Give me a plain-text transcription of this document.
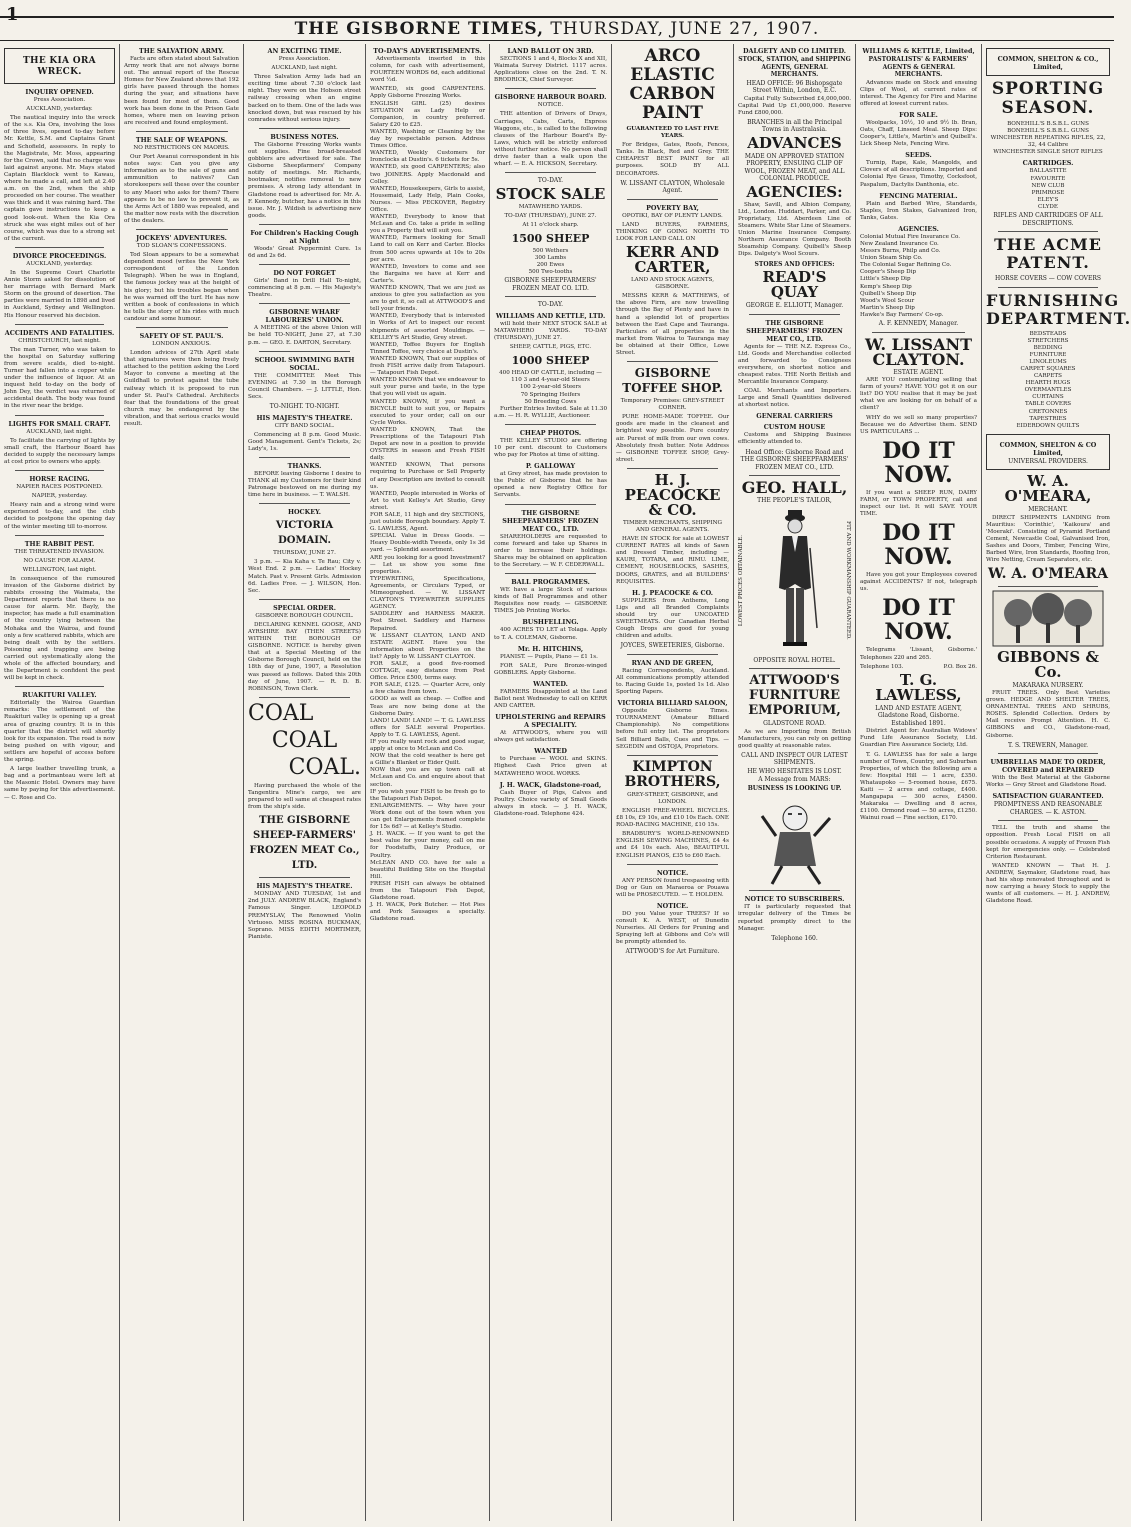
1
THE GISBORNE TIMES, THURSDAY, JUNE 27, 1907.
THE KIA ORA WRECK.
INQUIRY OPENED.
Press Association.
AUCKLAND, yesterday.

The nautical inquiry into the wreck of the s.s. Kia Ora, involving the loss of three lives, opened to-day before Mr. Kettle, S.M. and Captains Grant and Schofield, assessors. In reply to the Magistrate, Mr. Moss, appearing for the Crown, said that no charge was laid against anyone. Mr. Mays stated Captain Blacklock went to Kawau, where he made a call, and left at 2.40 a.m. on the 2nd, when the ship proceeded on her course. The weather was thick and it was raining hard. The captain gave instructions to keep a good look-out. When the Kia Ora struck she was eight miles out of her course, which was due to a strong set of the current.

DIVORCE PROCEEDINGS.
AUCKLAND, yesterday.

In the Supreme Court Charlotte Annie Storm asked for dissolution of her marriage with Bernard Mark Storm on the ground of desertion. The parties were married in 1898 and lived in Auckland, Sydney and Wellington. His Honour reserved his decision.

ACCIDENTS AND FATALITIES.
CHRISTCHURCH, last night.

The man Turner, who was taken to the hospital on Saturday suffering from severe scalds, died to-night. Turner had fallen into a copper while under the influence of liquor. At an inquest held to-day on the body of John Dey, the verdict was returned of accidental death. The body was found in the river near the bridge.

LIGHTS FOR SMALL CRAFT.
AUCKLAND, last night.

To facilitate the carrying of lights by small craft, the Harbour Board has decided to supply the necessary lamps at cost price to owners who apply.

HORSE RACING.
NAPIER RACES POSTPONED.
NAPIER, yesterday.

Heavy rain and a strong wind were experienced to-day, and the club decided to postpone the opening day of the winter meeting till to-morrow.

THE RABBIT PEST.
THE THREATENED INVASION.
NO CAUSE FOR ALARM.
WELLINGTON, last night.

In consequence of the rumoured invasion of the Gisborne district by rabbits crossing the Waimata, the Department reports that there is no cause for alarm. Mr. Bayly, the inspector, has made a full examination of the country lying between the Mohaka and the Wairoa, and found only a few scattered rabbits, which are being dealt with by the settlers. Poisoning and trapping are being carried out systematically along the whole of the affected boundary, and the Department is confident the pest will be kept in check.

RUAKITURI VALLEY.

Editorially the Wairoa Guardian remarks: The settlement of the Ruakituri valley is opening up a great area of grazing country. It is in this quarter that the district will shortly look for its expansion. The road is now being pushed on with vigour, and settlers are hopeful of access before the spring.

A large leather travelling trunk, a bag and a portmanteau were left at the Masonic Hotel. Owners may have same by paying for this advertisement. — C. Rose and Co.

THE SALVATION ARMY.

Facts are often stated about Salvation Army work that are not always borne out. The annual report of the Rescue Homes for New Zealand shows that 192 girls have passed through the homes during the year, and situations have been found for most of them. Good work has been done in the Prison Gate homes, where men on leaving prison are received and found employment.

THE SALE OF WEAPONS.
NO RESTRICTIONS ON MAORIS.

Our Port Awanui correspondent in his notes says: Can you give any information as to the sale of guns and ammunition to natives? Can storekeepers sell these over the counter to any Maori who asks for them? There appears to be no law to prevent it, as the Arms Act of 1880 was repealed, and the matter now rests with the discretion of the dealers.

JOCKEYS' ADVENTURES.
TOD SLOAN'S CONFESSIONS.

Tod Sloan appears to be a somewhat dependent mood (writes the New York correspondent of the London Telegraph). When he was in England, the famous jockey was at the height of his glory; but his troubles began when he was warned off the turf. He has now written a book of confessions in which he tells the story of his rides with much candour and some humour.

SAFETY OF ST. PAUL'S.
LONDON ANXIOUS.

London advices of 27th April state that signatures were then being freely attached to the petition asking the Lord Mayor to convene a meeting at the Guildhall to protest against the tube railway which it is proposed to run under St. Paul's Cathedral. Architects fear that the foundations of the great church may be endangered by the vibration, and that serious cracks would result.

AN EXCITING TIME.
Press Association.
AUCKLAND, last night.

Three Salvation Army lads had an exciting time about 7.30 o'clock last night. They were on the Hobson street railway crossing when an engine backed on to them. One of the lads was knocked down, but was rescued by his comrades without serious injury.

BUSINESS NOTES.

The Gisborne Freezing Works wants out supplies. Fine broad-breasted gobblers are advertised for sale. The Gisborne Sheepfarmers' Company notify of meetings. Mr. Richards, bootmaker, notifies removal to new premises. A strong lady attendant in Gladstone road is advertised for. Mr. A. F. Kennedy, butcher, has a notice in this issue. Mr. J. Wildish is advertising new goods.

For Children's Hacking Cough at Night

Woods' Great Peppermint Cure. 1s 6d and 2s 6d.

DO NOT FORGET

Girls' Band in Drill Hall To-night, commencing at 8 p.m. — His Majesty's Theatre.

GISBORNE WHARF LABOURERS' UNION.

A MEETING of the above Union will be held TO-NIGHT, June 27, at 7.30 p.m. — GEO. E. DARTON, Secretary.

SCHOOL SWIMMING BATH SOCIAL.

THE COMMITTEE Meet This EVENING at 7.30 in the Borough Council Chambers. — J. LITTLE, Hon. Secs.

TO-NIGHT. TO-NIGHT.
HIS MAJESTY'S THEATRE.
CITY BAND SOCIAL.

Commencing at 8 p.m. Good Music. Good Management. Gent's Tickets, 2s; Lady's, 1s.

THANKS.

BEFORE leaving Gisborne I desire to THANK all my Customers for their kind Patronage bestowed on me during my time here in business. — T. WALSH.

HOCKEY.
VICTORIA DOMAIN.
THURSDAY, JUNE 27.

3 p.m. — Kia Kaha v. Te Rau; City v. West End. 2 p.m. — Ladies' Hockey Match. Past v. Present Girls. Admission 6d. Ladies Free. — J. WILSON, Hon. Sec.

SPECIAL ORDER.
GISBORNE BOROUGH COUNCIL.

DECLARING KENNEL GOOSE, AND AYRSHIRE BAY (THEN STREETS) WITHIN THE BOROUGH OF GISBORNE. NOTICE is hereby given that at a Special Meeting of the Gisborne Borough Council, held on the 18th day of June, 1907, a Resolution was passed as follows. Dated this 20th day of June, 1907. — R. D. B. ROBINSON, Town Clerk.

COAL
COAL
COAL.

Having purchased the whole of the Tangentira Mine's cargo, we are prepared to sell same at cheapest rates from the ship's side.

THE GISBORNE SHEEP-FARMERS' FROZEN MEAT Co., LTD.
HIS MAJESTY'S THEATRE.

MONDAY AND TUESDAY, 1st and 2nd JULY. ANDREW BLACK, England's Famous Singer. LEOPOLD PREMYSLAV, The Renowned Violin Virtuoso. MISS ROSINA BUCKMAN, Soprano. MISS EDITH MORTIMER, Pianiste.

TO-DAY'S ADVERTISEMENTS.

Advertisements inserted in this column, for cash with advertisement, FOURTEEN WORDS 6d, each additional word ½d.

WANTED, six good CARPENTERS. Apply Gisborne Freezing Works.

ENGLISH GIRL (25) desires SITUATION as Lady Help or Companion, in country preferred. Salary £20 to £25.

WANTED, Washing or Cleaning by the day by respectable person. Address Times Office.

WANTED, Weekly Customers for Ironclocks at Dustin's. 6 tickets for 5s.

WANTED, six good CARPENTERS; also two JOINERS. Apply Macdonald and Colley.

WANTED, Housekeepers, Girls to assist, Housemaid, Lady Help, Plain Cooks, Nurses. — Miss PECKOVER, Registry Office.

WANTED, Everybody to know that McLean and Co. take a pride in selling you a Property that will suit you.

WANTED, Farmers looking for Small Land to call on Kerr and Carter. Blocks from 500 acres upwards at 10s to 20s per acre.

WANTED, Investors to come and see the Bargains we have at Kerr and Carter's.

WANTED KNOWN, That we are just as anxious to give you satisfaction as you are to get it, so call at ATTWOOD'S and tell your friends.

WANTED, Everybody that is interested in Works of Art to inspect our recent shipments of assorted Mouldings. — KELLEY'S Art Studio, Grey street.

WANTED, Toffee Buyers for English Tinned Toffee, very choice at Dustin's.

WANTED KNOWN, That our supplies of fresh FISH arrive daily from Tatapouri. — Tatapouri Fish Depot.

WANTED KNOWN that we endeavour to suit your purse and taste, in the type that you will visit us again.

WANTED KNOWN, If you want a BICYCLE built to suit you, or Repairs executed to your order, call on our Cycle Works.

WANTED KNOWN, That the Prescriptions of the Tatapouri Fish Depot are now in a position to provide OYSTERS in season and Fresh FISH daily.

WANTED KNOWN, That persons requiring to Purchase or Sell Property of any Description are invited to consult us.

WANTED, People interested in Works of Art to visit Kelley's Art Studio, Grey street.

FOR SALE, 11 high and dry SECTIONS, just outside Borough boundary. Apply T. G. LAWLESS, Agent.

SPECIAL Value in Dress Goods. — Heavy Double-width Tweeds, only 1s 3d yard. — Splendid assortment.

ARE you looking for a good Investment? — Let us show you some fine properties.

TYPEWRITING, Specifications, Agreements, or Circulars Typed, or Mimeographed. — W. LISSANT CLAYTON'S TYPEWRITER SUPPLIES AGENCY.

SADDLERY and HARNESS MAKER. Post Street. Saddlery and Harness Repaired.

W. LISSANT CLAYTON, LAND AND ESTATE AGENT. Have you the information about Properties on the list? Apply to W. LISSANT CLAYTON.

FOR SALE, a good five-roomed COTTAGE, easy distance from Post Office. Price £500, terms easy.

FOR SALE, £125. — Quarter Acre, only a few chains from town.

GOOD as well as cheap. — Coffee and Teas are now being done at the Gisborne Dairy.

LAND! LAND! LAND! — T. G. LAWLESS offers for SALE several Properties. Apply to T. G. LAWLESS, Agent.

IF you really want rock and good sugar, apply at once to McLean and Co.

NOW that the cold weather is here get a Gillie's Blanket or Eider Quilt.

NOW that you are up town call at McLean and Co. and enquire about that section.

IF you wish your FISH to be fresh go to the Tatapouri Fish Depot.

ENLARGEMENTS. — Why have your Work done out of the town when you can get Enlargements framed complete for 15s 6d? — at Kelley's Studio.

J. H. WACK. — If you want to get the best value for your money, call on me for Foodstuffs, Dairy Produce, or Poultry.

McLEAN AND CO. have for sale a beautiful Building Site on the Hospital Hill.

FRESH FISH can always be obtained from the Tatapouri Fish Depot, Gladstone road.

J. H. WACK, Pork Butcher. — Hot Pies and Pork Sausages a specialty. Gladstone road.

LAND BALLOT ON 3RD.

SECTIONS 1 and 4, Blocks X and XII, Waimata Survey District. 1117 acres. Applications close on the 2nd. T. N. BRODRICK, Chief Surveyor.

GISBORNE HARBOUR BOARD.
NOTICE.

THE attention of Drivers of Drays, Carriages, Cabs, Carts, Express Waggons, etc., is called to the following clauses of the Harbour Board's By-Laws, which will be strictly enforced without further notice. No person shall drive faster than a walk upon the wharf. — E. A. HICKSON, Secretary.

TO-DAY.
STOCK SALE
MATAWHERO YARDS.
TO-DAY (THURSDAY), JUNE 27.
At 11 o'clock sharp.
1500 SHEEP

500 Wethers

300 Lambs

200 Ewes

500 Two-tooths

GISBORNE SHEEPFARMERS' FROZEN MEAT CO. LTD.
TO-DAY.
WILLIAMS AND KETTLE, LTD.

will hold their NEXT STOCK SALE at MATAWHERO YARDS. TO-DAY (THURSDAY), JUNE 27.

SHEEP, CATTLE, PIGS, ETC.
1000 SHEEP

400 HEAD OF CATTLE, including —

110 3 and 4-year-old Steers

100 2-year-old Steers

70 Springing Heifers

50 Breeding Cows

Further Entries Invited. Sale at 11.30 a.m. — H. R. WYLLIE, Auctioneer.

CHEAP PHOTOS.

THE KELLEY STUDIO are offering 10 per cent. discount to Customers who pay for Photos at time of sitting.

P. GALLOWAY

at Grey street, has made provision to the Public of Gisborne that he has opened a new Registry Office for Servants.

THE GISBORNE SHEEPFARMERS' FROZEN MEAT CO., LTD.

SHAREHOLDERS are requested to come forward and take up Shares in order to increase their holdings. Shares may be obtained on application to the Secretary. — W. F. CEDERWALL.

BALL PROGRAMMES.

WE have a large Stock of various kinds of Ball Programmes and other Requisites now ready. — GISBORNE TIMES Job Printing Works.

BUSHFELLING.

400 ACRES TO LET at Tolaga. Apply to T. A. COLEMAN, Gisborne.

Mr. H. HITCHINS,

PIANIST. — Pupils, Piano — £1 1s.

FOR SALE, Pure Bronze-winged GOBBLERS. Apply Gisborne.

WANTED.

FARMERS Disappointed at the Land Ballot next Wednesday to call on KERR AND CARTER.

UPHOLSTERING and REPAIRS A SPECIALITY.

At ATTWOOD'S, where you will always get satisfaction.

WANTED

to Purchase — WOOL and SKINS. Highest Cash Price given at MATAWHERO WOOL WORKS.

J. H. WACK, Gladstone-road,

Cash Buyer of Pigs, Calves and Poultry. Choice variety of Small Goods always in stock. — J. H. WACK, Gladstone-road. Telephone 424.

ARCO ELASTIC CARBON PAINT
GUARANTEED TO LAST FIVE YEARS.

For Bridges, Gates, Roofs, Fences, Tanks. In Black, Red and Grey. THE CHEAPEST BEST PAINT for all purposes. SOLD BY ALL DECORATORS.

W. LISSANT CLAYTON, Wholesale Agent.
POVERTY BAY,
OPOTIKI, BAY OF PLENTY LANDS.

LAND BUYERS, FARMERS, THINKING OF GOING NORTH TO LOOK FOR LAND CALL ON

KERR AND CARTER,
LAND AND STOCK AGENTS, GISBORNE.

MESSRS KERR & MATTHEWS, of the above Firm, are now travelling through the Bay of Plenty and have in hand a splendid lot of properties between the East Cape and Tauranga. Particulars of all properties in the market from Wairoa to Tauranga may be obtained at their Office, Lowe Street.

GISBORNE TOFFEE SHOP.
Temporary Premises: GREY-STREET CORNER.

PURE HOME-MADE TOFFEE. Our goods are made in the cleanest and brightest way possible. Pure country air. Purest of milk from our own cows. Absolutely fresh butter. Note Address — GISBORNE TOFFEE SHOP, Grey-street.

H. J. PEACOCKE & CO.
TIMBER MERCHANTS, SHIPPING AND GENERAL AGENTS.

HAVE IN STOCK for sale at LOWEST CURRENT RATES all kinds of Sawn and Dressed Timber, including — KAURI, TOTARA, and RIMU. LIME, CEMENT, HOUSEBLOCKS, SASHES, DOORS, GRATES, and all BUILDERS' REQUISITES.

H. J. PEACOCKE & CO.

SUPPLIERS from Anthems, Long Ligs and all Branded Complaints should try our UNCOATED SWEETMEATS. Our Canadian Herbal Cough Drops are good for young children and adults.

JOYCES, SWEETERIES, Gisborne.
RYAN AND DE GREEN,

Racing Correspondents, Auckland. All communications promptly attended to. Racing Guide 1s, posted 1s 1d. Also Sporting Papers.

VICTORIA BILLIARD SALOON,

Opposite Gisborne Times. TOURNAMENT (Amateur Billiard Championship). No competitions before full entry list. The proprietors Sell Billiard Balls, Cues and Tips. — SEGEDIN and OSTOJA, Proprietors.

KIMPTON BROTHERS,
GREY-STREET, GISBORNE, and LONDON.

ENGLISH FREE-WHEEL BICYCLES. £8 10s, £9 10s, and £10 10s Each. ONE ROAD-RACING MACHINE, £10 15s.

BRADBURY'S WORLD-RENOWNED ENGLISH SEWING MACHINES, £4 4s and £4 10s each. Also, BEAUTIFUL ENGLISH PIANOS, £35 to £60 Each.

NOTICE.

ANY PERSON found trespassing with Dog or Gun on Maraeroa or Pouawa will be PROSECUTED. — T. HOLDEN.

NOTICE.

DO you Value your TREES? If so consult K. A. WEST, of Dunedin Nurseries. All Orders for Pruning and Spraying left at Gibbons and Co's will be promptly attended to.

ATTWOOD'S for Art Furniture.
DALGETY AND CO LIMITED.
STOCK, STATION, and SHIPPING AGENTS, GENERAL MERCHANTS.
HEAD OFFICE: 96 Bishopsgate Street Within, London, E.C.

Capital Fully Subscribed £4,000,000. Capital Paid Up £1,000,000. Reserve Fund £800,000.

BRANCHES in all the Principal Towns in Australasia.
ADVANCES
MADE ON APPROVED STATION PROPERTY, ENSUING CLIP OF WOOL, FROZEN MEAT, and ALL COLONIAL PRODUCE.
AGENCIES:

Shaw, Savill, and Albion Company, Ltd., London. Huddart, Parker, and Co. Proprietary, Ltd. Aberdeen Line of Steamers. White Star Line of Steamers. Union Marine Insurance Company. Northern Assurance Company. Booth Steamship Company. Quibell's Sheep Dips. Dalgety's Wool Scours.

STORES AND OFFICES:
READ'S QUAY
GEORGE E. ELLIOTT, Manager.
THE GISBORNE SHEEPFARMERS' FROZEN MEAT CO., LTD.

Agents for — THE N.Z. Express Co., Ltd. Goods and Merchandise collected and forwarded to Consignees everywhere, on shortest notice and cheapest rates. THE North British and Mercantile Insurance Company.

COAL Merchants and Importers. Large and Small Quantities delivered at shortest notice.

GENERAL CARRIERS
CUSTOM HOUSE

Customs and Shipping Business efficiently attended to.

Head Office: Gisborne Road and THE GISBORNE SHEEPFARMERS' FROZEN MEAT CO., LTD.
GEO. HALL,
THE PEOPLE'S TAILOR,
LOWEST PRICES OBTAINABLE.	FIT AND WORKMANSHIP GUARANTEED.
OPPOSITE ROYAL HOTEL.
ATTWOOD'S FURNITURE EMPORIUM,
GLADSTONE ROAD.

As we are Importing from British Manufacturers, you can rely on getting good quality at reasonable rates.

CALL AND INSPECT OUR LATEST SHIPMENTS.
HE WHO HESITATES IS LOST.
A Message from MARS:
BUSINESS IS LOOKING UP.
NOTICE TO SUBSCRIBERS.

IT is particularly requested that irregular delivery of the Times be reported promptly direct to the Manager.

Telephone 160.
WILLIAMS & KETTLE, Limited,
PASTORALISTS' & FARMERS' AGENTS & GENERAL MERCHANTS.

Advances made on Stock and ensuing Clips of Wool, at current rates of interest. The Agency for Fire and Marine offered at lowest current rates.

FOR SALE.

Woolpacks, 10½, 10 and 9½ lb. Bran, Oats, Chaff, Linseed Meal. Sheep Dips: Cooper's, Little's, Martin's and Quibell's. Lick Sheep Nets, Fencing Wire.

SEEDS.

Turnip, Rape, Kale, Mangolds, and Clovers of all descriptions. Imported and Colonial Rye Grass, Timothy, Cocksfoot, Paspalum, Dactylis Danthonia, etc.

FENCING MATERIAL.

Plain and Barbed Wire, Standards, Staples, Iron Stakes, Galvanized Iron, Tanks, Gates.

AGENCIES.

Colonial Mutual Fire Insurance Co.

New Zealand Insurance Co.

Messrs Burns, Philp and Co.

Union Steam Ship Co.

The Colonial Sugar Refining Co.

Cooper's Sheep Dip

Little's Sheep Dip

Kemp's Sheep Dip

Quibell's Sheep Dip

Wood's Wool Scour

Martin's Sheep Dip

Hawke's Bay Farmers' Co-op.

A. F. KENNEDY, Manager.
W. LISSANT CLAYTON.
ESTATE AGENT.

ARE YOU contemplating selling that farm of yours? HAVE YOU got it on our list? DO YOU realise that it may be just what we are looking for on behalf of a client?

WHY do we sell so many properties? Because we do Advertise them. SEND US PARTICULARS ...

DO IT NOW.

If you want a SHEEP RUN, DAIRY FARM, or TOWN PROPERTY, call and inspect our list. It will SAVE YOUR TIME.

DO IT NOW.

Have you got your Employees covered against ACCIDENTS? If not, telegraph us.

DO IT NOW.

Telegrams 'Lissant, Gisborne.' Telephones 220 and 265.

Telephone 103.	P.O. Box 26.
T. G. LAWLESS,
LAND AND ESTATE AGENT, Gladstone Road, Gisborne. Established 1891.

District Agent for: Australian Widows' Fund Life Assurance Society, Ltd. Guardian Fire Assurance Society, Ltd.

T. G. LAWLESS has for sale a large number of Town, Country, and Suburban Properties, of which the following are a few: Hospital Hill — 1 acre, £350. Whataupoko — 5-roomed house, £675. Kaiti — 2 acres and cottage, £400. Mangapapa — 300 acres, £4500. Makaraka — Dwelling and 8 acres, £1100. Ormond road — 50 acres, £1250. Wainui road — Fine section, £170.

COMMON, SHELTON & CO., Limited,
SPORTING SEASON.

BONEHILL'S B.S.B.L. GUNS

BONEHILL'S S.B.B.L. GUNS

WINCHESTER REPEATING RIFLES, 22, 32, 44 Calibre

WINCHESTER SINGLE SHOT RIFLES

CARTRIDGES.

BALLASTITE

FAVOURITE

NEW CLUB

PRIMROSE

ELEY'S

CLYDE

RIFLES AND CARTRIDGES OF ALL DESCRIPTIONS.
THE ACME PATENT.
HORSE COVERS — COW COVERS
FURNISHING DEPARTMENT.

BEDSTEADS

STRETCHERS

BEDDING

FURNITURE

LINOLEUMS

CARPET SQUARES

CARPETS

HEARTH RUGS

OVERMANTLES

CURTAINS

TABLE COVERS

CRETONNES

TAPESTRIES

EIDERDOWN QUILTS

COMMON, SHELTON & CO Limited,
UNIVERSAL PROVIDERS.
W. A. O'MEARA,
MERCHANT.

DIRECT SHIPMENTS LANDING from Mauritius: 'Corinthic', 'Kaikoura' and 'Moeraki'. Consisting of Pyramid Portland Cement, Newcastle Coal, Galvanised Iron, Sashes and Doors, Timber, Fencing Wire, Barbed Wire, Iron Standards, Roofing Iron, Wire Netting, Cream Separators, etc.

W. A. O'MEARA
GIBBONS & Co.
MAKARAKA NURSERY.

FRUIT TREES. Only Best Varieties grown. HEDGE AND SHELTER TREES, ORNAMENTAL TREES AND SHRUBS, ROSES. Splendid Collection. Orders by Mail receive Prompt Attention. H. C. GIBBONS and CO., Gladstone-road, Gisborne.

T. S. TREWERN, Manager.
UMBRELLAS MADE TO ORDER, COVERED and REPAIRED

With the Best Material at the Gisborne Works — Grey Street and Gladstone Road.

SATISFACTION GUARANTEED.
PROMPTNESS AND REASONABLE CHARGES. — K. ASTON.

TELL the truth and shame the opposition. Fresh Local FISH on all possible occasions. A supply of Frozen Fish kept for emergencies only. — Celebrated Criterion Restaurant.

WANTED KNOWN — That H. J. ANDREW, Saymaker, Gladstone road, has had his shop renovated throughout and is now carrying a heavy Stock to supply the wants of all customers. — H. J. ANDREW, Gladstone Road.
